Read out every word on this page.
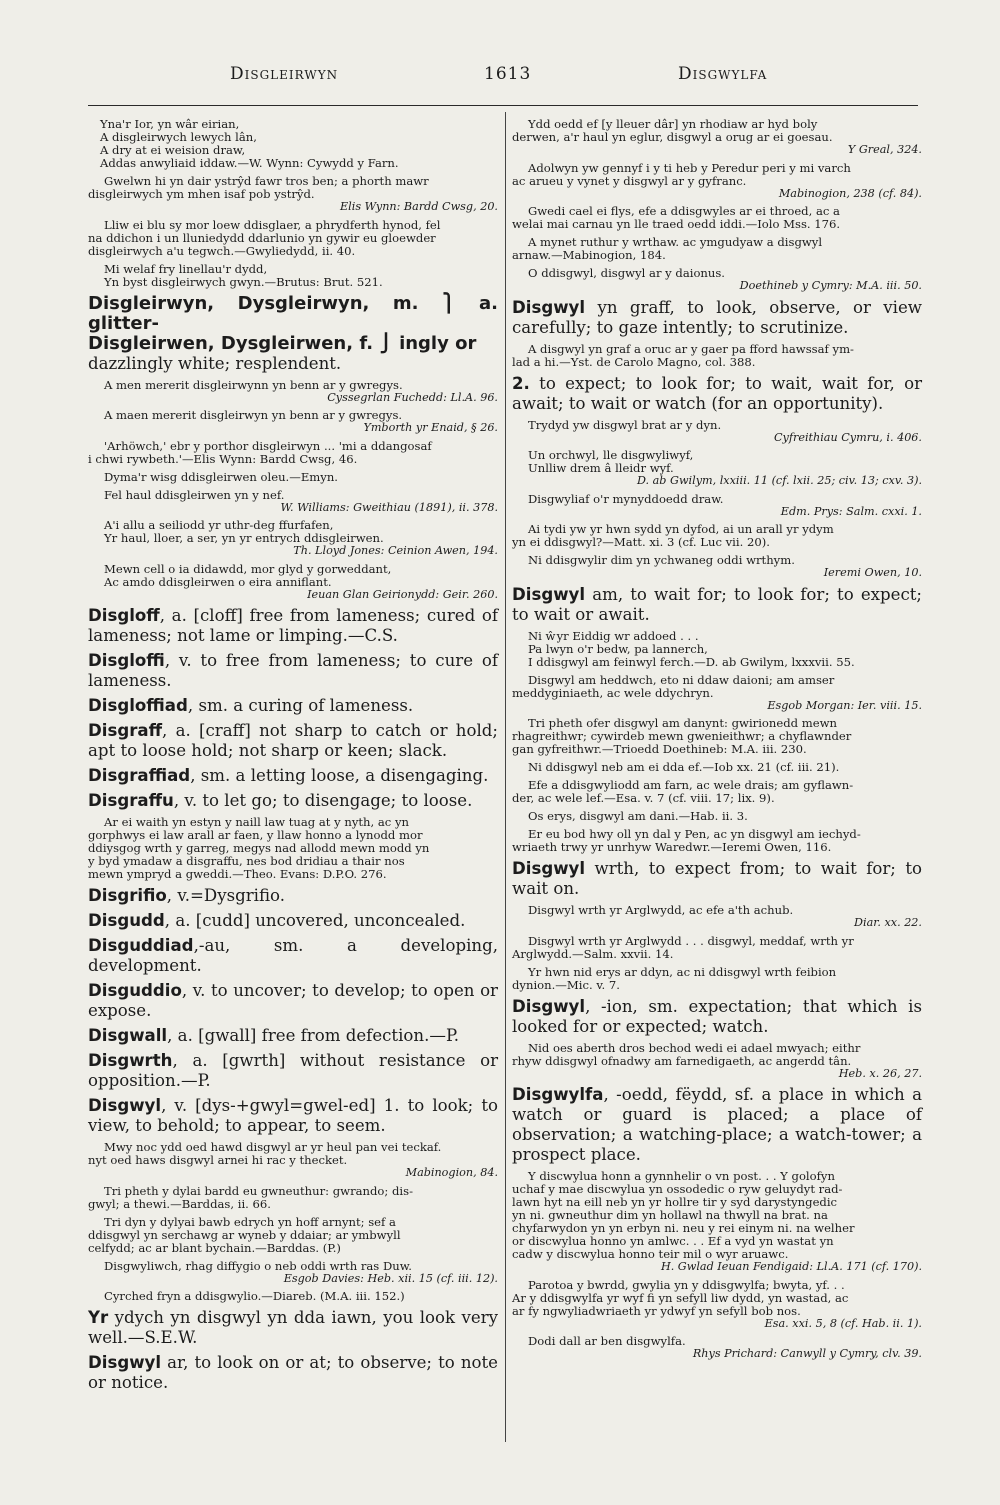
Disgleirwyn	1613	Disgwylfa
Yna'r Ior, yn wâr eirian,
A disgleirwych lewych lân,
A dry at ei weision draw,
Addas anwyliaid iddaw.—W. Wynn: Cywydd y Farn.
Gwelwn hi yn dair ystrŷd fawr tros ben; a phorth mawr
disgleirwych ym mhen isaf pob ystrŷd.
Elis Wynn: Bardd Cwsg, 20.
Lliw ei blu sy mor loew ddisglaer, a phrydferth hynod, fel
na ddichon i un lluniedydd ddarlunio yn gywir eu gloewder
disgleirwych a'u tegwch.—Gwyliedydd, ii. 40.
Mi welaf fry linellau'r dydd,
Yn byst disgleirwych gwyn.—Brutus: Brut. 521.
Disgleirwyn, Dysgleirwyn, m. ⎫ a. glitter-
Disgleirwen, Dysgleirwen, f. ⎭ ingly or
dazzlingly white; resplendent.
A men mererit disgleirwynn yn benn ar y gwregys.
Cyssegrlan Fuchedd: Ll.A. 96.
A maen mererit disgleirwyn yn benn ar y gwregys.
Ymborth yr Enaid, § 26.
'Arhöwch,' ebr y porthor disgleirwyn ... 'mi a ddangosaf
i chwi rywbeth.'—Elis Wynn: Bardd Cwsg, 46.
Dyma'r wisg ddisgleirwen oleu.—Emyn.
Fel haul ddisgleirwen yn y nef.
W. Williams: Gweithiau (1891), ii. 378.
A'i allu a seiliodd yr uthr-deg ffurfafen,
Yr haul, lloer, a ser, yn yr entrych ddisgleirwen.
Th. Lloyd Jones: Ceinion Awen, 194.
Mewn cell o ia didawdd, mor glyd y gorweddant,
Ac amdo ddisgleirwen o eira anniflant.
Ieuan Glan Geirionydd: Geir. 260.
Disgloff, a. [cloff] free from lameness; cured of lameness; not lame or limping.—C.S.
Disgloffi, v. to free from lameness; to cure of lameness.
Disgloffiad, sm. a curing of lameness.
Disgraff, a. [craff] not sharp to catch or hold; apt to loose hold; not sharp or keen; slack.
Disgraffiad, sm. a letting loose, a disengaging.
Disgraffu, v. to let go; to disengage; to loose.
Ar ei waith yn estyn y naill law tuag at y nyth, ac yn
gorphwys ei law arall ar faen, y llaw honno a lynodd mor
ddiysgog wrth y garreg, megys nad allodd mewn modd yn
y byd ymadaw a disgraffu, nes bod dridiau a thair nos
mewn ympryd a gweddi.—Theo. Evans: D.P.O. 276.
Disgrifio, v.=Dysgrifio.
Disgudd, a. [cudd] uncovered, unconcealed.
Disguddiad,-au, sm. a developing, development.
Disguddio, v. to uncover; to develop; to open or expose.
Disgwall, a. [gwall] free from defection.—P.
Disgwrth, a. [gwrth] without resistance or opposition.—P.
Disgwyl, v. [dys-+gwyl=gwel-ed] 1. to look; to view, to behold; to appear, to seem.
Mwy noc ydd oed hawd disgwyl ar yr heul pan vei teckaf.
nyt oed haws disgwyl arnei hi rac y thecket.
Mabinogion, 84.
Tri pheth y dylai bardd eu gwneuthur: gwrando; dis-
gwyl; a thewi.—Barddas, ii. 66.
Tri dyn y dylyai bawb edrych yn hoff arnynt; sef a
ddisgwyl yn serchawg ar wyneb y ddaiar; ar ymbwyll
celfydd; ac ar blant bychain.—Barddas. (P.)
Disgwyliwch, rhag diffygio o neb oddi wrth ras Duw.
Esgob Davies: Heb. xii. 15 (cf. iii. 12).
Cyrched fryn a ddisgwylio.—Diareb. (M.A. iii. 152.)
Yr ydych yn disgwyl yn dda iawn, you look very well.—S.E.W.
Disgwyl ar, to look on or at; to observe; to note or notice.
Ydd oedd ef [y lleuer dâr] yn rhodiaw ar hyd boly
derwen, a'r haul yn eglur, disgwyl a orug ar ei goesau.
Y Greal, 324.
Adolwyn yw gennyf i y ti heb y Peredur peri y mi varch
ac arueu y vynet y disgwyl ar y gyfranc.
Mabinogion, 238 (cf. 84).
Gwedi cael ei flys, efe a ddisgwyles ar ei throed, ac a
welai mai carnau yn lle traed oedd iddi.—Iolo Mss. 176.
A mynet ruthur y wrthaw. ac ymgudyaw a disgwyl
arnaw.—Mabinogion, 184.
O ddisgwyl, disgwyl ar y daionus.
Doethineb y Cymry: M.A. iii. 50.
Disgwyl yn graff, to look, observe, or view carefully; to gaze intently; to scrutinize.
A disgwyl yn graf a oruc ar y gaer pa fford hawssaf ym-
lad a hi.—Yst. de Carolo Magno, col. 388.
2. to expect; to look for; to wait, wait for, or await; to wait or watch (for an opportunity).
Trydyd yw disgwyl brat ar y dyn.
Cyfreithiau Cymru, i. 406.
Un orchwyl, lle disgwyliwyf,
Unlliw drem â lleidr wyf.
D. ab Gwilym, lxxiii. 11 (cf. lxii. 25; civ. 13; cxv. 3).
Disgwyliaf o'r mynyddoedd draw.
Edm. Prys: Salm. cxxi. 1.
Ai tydi yw yr hwn sydd yn dyfod, ai un arall yr ydym
yn ei ddisgwyl?—Matt. xi. 3 (cf. Luc vii. 20).
Ni ddisgwylir dim yn ychwaneg oddi wrthym.
Ieremi Owen, 10.
Disgwyl am, to wait for; to look for; to expect; to wait or await.
Ni ŵyr Eiddig wr addoed . . .
Pa lwyn o'r bedw, pa lannerch,
I ddisgwyl am feinwyl ferch.—D. ab Gwilym, lxxxvii. 55.
Disgwyl am heddwch, eto ni ddaw daioni; am amser
meddyginiaeth, ac wele ddychryn.
Esgob Morgan: Ier. viii. 15.
Tri pheth ofer disgwyl am danynt: gwirionedd mewn
rhagreithwr; cywirdeb mewn gwenieithwr; a chyflawnder
gan gyfreithwr.—Trioedd Doethineb: M.A. iii. 230.
Ni ddisgwyl neb am ei dda ef.—Iob xx. 21 (cf. iii. 21).
Efe a ddisgwyliodd am farn, ac wele drais; am gyflawn-
der, ac wele lef.—Esa. v. 7 (cf. viii. 17; lix. 9).
Os erys, disgwyl am dani.—Hab. ii. 3.
Er eu bod hwy oll yn dal y Pen, ac yn disgwyl am iechyd-
wriaeth trwy yr unrhyw Waredwr.—Ieremi Owen, 116.
Disgwyl wrth, to expect from; to wait for; to wait on.
Disgwyl wrth yr Arglwydd, ac efe a'th achub.
Diar. xx. 22.
Disgwyl wrth yr Arglwydd . . . disgwyl, meddaf, wrth yr
Arglwydd.—Salm. xxvii. 14.
Yr hwn nid erys ar ddyn, ac ni ddisgwyl wrth feibion
dynion.—Mic. v. 7.
Disgwyl, -ion, sm. expectation; that which is looked for or expected; watch.
Nid oes aberth dros bechod wedi ei adael mwyach; eithr
rhyw ddisgwyl ofnadwy am farnedigaeth, ac angerdd tân.
Heb. x. 26, 27.
Disgwylfa, -oedd, fëydd, sf. a place in which a watch or guard is placed; a place of observation; a watching-place; a watch-tower; a prospect place.
Y discwylua honn a gynnhelir o vn post. . . Y golofyn
uchaf y mae discwylua yn ossodedic o ryw geluydyt rad-
lawn hyt na eill neb yn yr hollre tir y syd darystyngedic
yn ni. gwneuthur dim yn hollawl na thwyll na brat. na
chyfarwydon yn yn erbyn ni. neu y rei einym ni. na welher
or discwylua honno yn amlwc. . . Ef a vyd yn wastat yn
cadw y discwylua honno teir mil o wyr aruawc.
H. Gwlad Ieuan Fendigaid: Ll.A. 171 (cf. 170).
Parotoa y bwrdd, gwylia yn y ddisgwylfa; bwyta, yf. . .
Ar y ddisgwylfa yr wyf fi yn sefyll liw dydd, yn wastad, ac
ar fy ngwyliadwriaeth yr ydwyf yn sefyll bob nos.
Esa. xxi. 5, 8 (cf. Hab. ii. 1).
Dodi dall ar ben disgwylfa.
Rhys Prichard: Canwyll y Cymry, clv. 39.
